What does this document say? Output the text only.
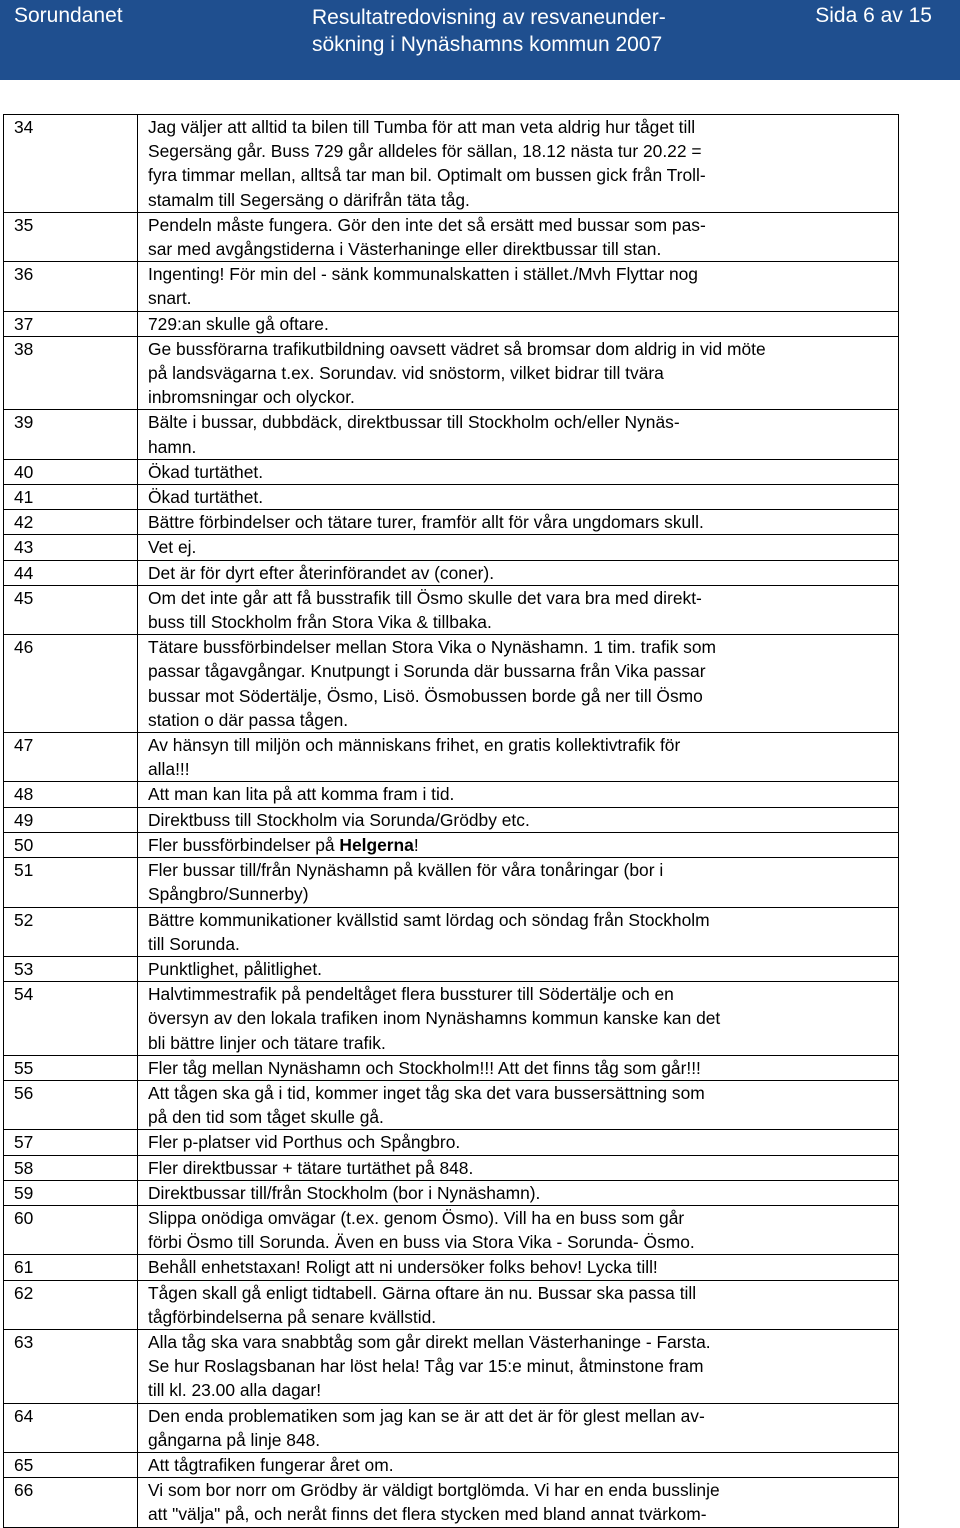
Sorundanet	Resultatredovisning av resvaneunder-
sökning i Nynäshamns kommun 2007
Sida 6 av 15
34	Jag väljer att alltid ta bilen till Tumba för att man veta aldrig hur tåget till
Segersäng går. Buss 729 går alldeles för sällan, 18.12 nästa tur 20.22 =
fyra timmar mellan, alltså tar man bil. Optimalt om bussen gick från Troll-
stamalm till Segersäng o därifrån täta tåg.

35	Pendeln måste fungera. Gör den inte det så ersätt med bussar som pas-
sar med avgångstiderna i Västerhaninge eller direktbussar till stan.

36	Ingenting! För min del - sänk kommunalskatten i stället./Mvh Flyttar nog
snart.

37	729:an skulle gå oftare.

38	Ge bussförarna trafikutbildning oavsett vädret så bromsar dom aldrig in vid möte
på landsvägarna t.ex. Sorundav. vid snöstorm, vilket bidrar till tvära
inbromsningar och olyckor.

39	Bälte i bussar, dubbdäck, direktbussar till Stockholm och/eller Nynäs-
hamn.

40	Ökad turtäthet.

41	Ökad turtäthet.

42	Bättre förbindelser och tätare turer, framför allt för våra ungdomars skull.

43	Vet ej.

44	Det är för dyrt efter återinförandet av (coner).

45	Om det inte går att få busstrafik till Ösmo skulle det vara bra med direkt-
buss till Stockholm från Stora Vika & tillbaka.

46	Tätare bussförbindelser mellan Stora Vika o Nynäshamn. 1 tim. trafik som
passar tågavgångar. Knutpungt i Sorunda där bussarna från Vika passar
bussar mot Södertälje, Ösmo, Lisö. Ösmobussen borde gå ner till Ösmo
station o där passa tågen.

47	Av hänsyn till miljön och människans frihet, en gratis kollektivtrafik för
alla!!!

48	Att man kan lita på att komma fram i tid.

49	Direktbuss till Stockholm via Sorunda/Grödby etc.

50	Fler bussförbindelser på Helgerna!

51	Fler bussar till/från Nynäshamn på kvällen för våra tonåringar (bor i
Spångbro/Sunnerby)

52	Bättre kommunikationer kvällstid samt lördag och söndag från Stockholm
till Sorunda.

53	Punktlighet, pålitlighet.

54	Halvtimmestrafik på pendeltåget flera bussturer till Södertälje och en
översyn av den lokala trafiken inom Nynäshamns kommun kanske kan det
bli bättre linjer och tätare trafik.

55	Fler tåg mellan Nynäshamn och Stockholm!!! Att det finns tåg som går!!!

56	Att tågen ska gå i tid, kommer inget tåg ska det vara bussersättning som
på den tid som tåget skulle gå.

57	Fler p-platser vid Porthus och Spångbro.

58	Fler direktbussar + tätare turtäthet på 848.

59	Direktbussar till/från Stockholm (bor i Nynäshamn).

60	Slippa onödiga omvägar (t.ex. genom Ösmo). Vill ha en buss som går
förbi Ösmo till Sorunda. Även en buss via Stora Vika - Sorunda- Ösmo.

61	Behåll enhetstaxan! Roligt att ni undersöker folks behov! Lycka till!

62	Tågen skall gå enligt tidtabell. Gärna oftare än nu. Bussar ska passa till
tågförbindelserna på senare kvällstid.

63	Alla tåg ska vara snabbtåg som går direkt mellan Västerhaninge - Farsta.
Se hur Roslagsbanan har löst hela! Tåg var 15:e minut, åtminstone fram
till kl. 23.00 alla dagar!

64	Den enda problematiken som jag kan se är att det är för glest mellan av-
gångarna på linje 848.

65	Att tågtrafiken fungerar året om.

66	Vi som bor norr om Grödby är väldigt bortglömda. Vi har en enda busslinje
att "välja" på, och neråt finns det flera stycken med bland annat tvärkom-
